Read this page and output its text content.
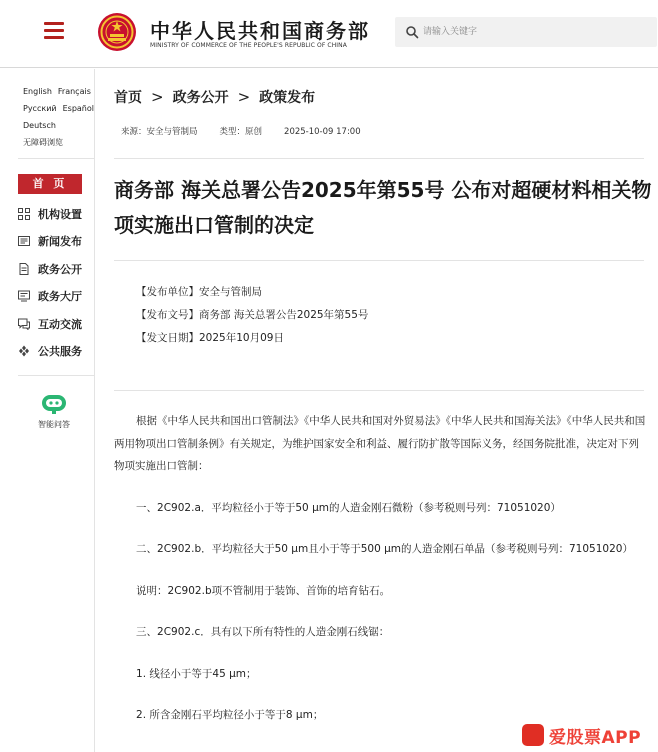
中华人民共和国商务部
MINISTRY OF COMMERCE OF THE PEOPLE'S REPUBLIC OF CHINA
请输入关键字
English Français
Русский Español
Deutsch
无障碍浏览
首 页
机构设置
新闻发布
政务公开
政务大厅
互动交流
公共服务
智能问答
首页 > 政务公开 > 政策发布
来源：安全与管制局	类型：原创	2025-10-09 17:00
商务部 海关总署公告2025年第55号 公布对超硬材料相关物项实施出口管制的决定
【发布单位】安全与管制局
【发布文号】商务部 海关总署公告2025年第55号
【发文日期】2025年10月09日

根据《中华人民共和国出口管制法》《中华人民共和国对外贸易法》《中华人民共和国海关法》《中华人民共和国两用物项出口管制条例》有关规定，为维护国家安全和利益、履行防扩散等国际义务，经国务院批准，决定对下列物项实施出口管制：

一、2C902.a．平均粒径小于等于50 μm的人造金刚石微粉（参考税则号列：71051020）

二、2C902.b．平均粒径大于50 μm且小于等于500 μm的人造金刚石单晶（参考税则号列：71051020）

说明：2C902.b项不管制用于装饰、首饰的培育钻石。

三、2C902.c．具有以下所有特性的人造金刚石线锯：

1. 线径小于等于45 μm；

2. 所含金刚石平均粒径小于等于8 μm；

爱股票APP
